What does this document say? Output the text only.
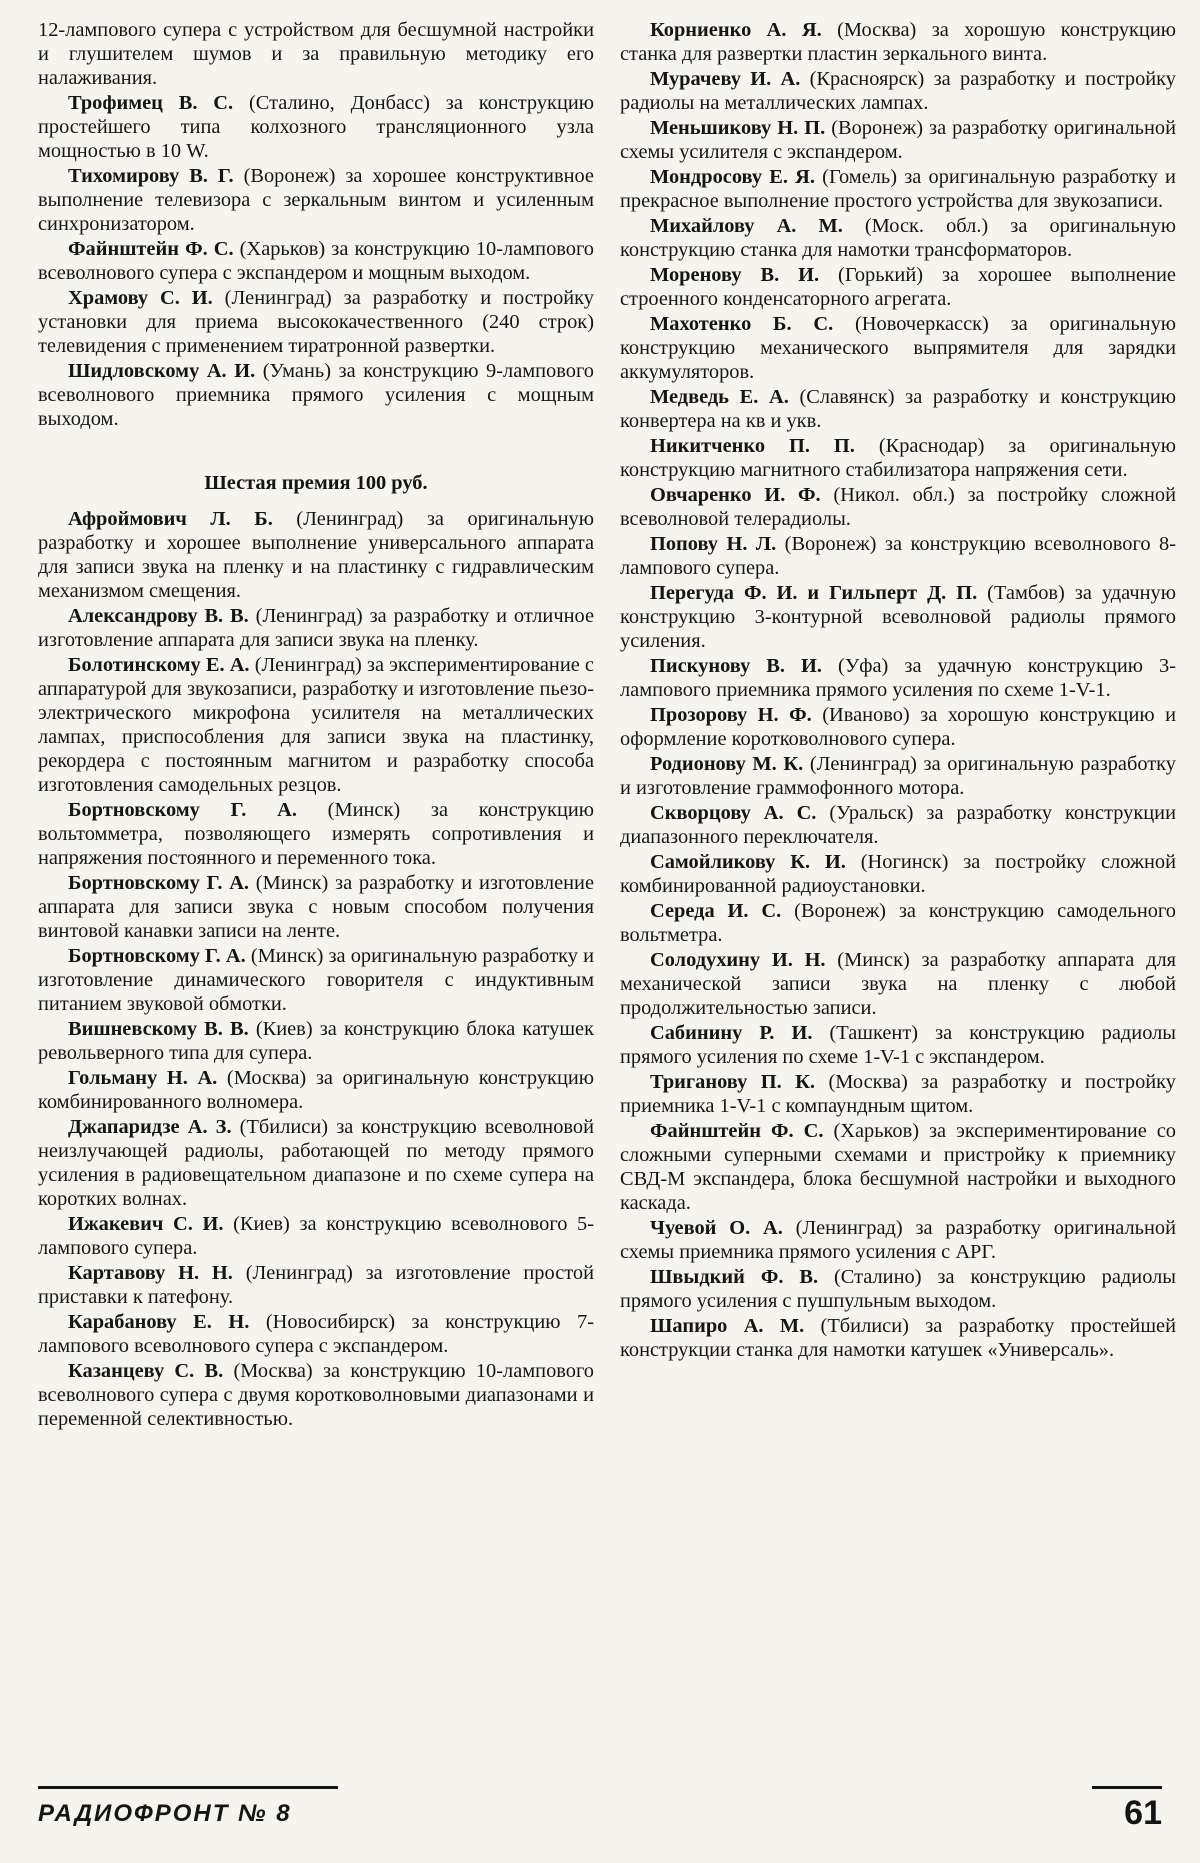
12-лампового супера с устройством для бесшумной настройки и глушителем шумов и за правильную методику его налаживания.

Трофимец В. С. (Сталино, Донбасс) за конструкцию простейшего типа колхозного трансляционного узла мощностью в 10 W.

Тихомирову В. Г. (Воронеж) за хорошее конструктивное выполнение телевизора с зеркальным винтом и усиленным синхронизатором.

Файнштейн Ф. С. (Харьков) за конструкцию 10-лампового всеволнового супера с экспандером и мощным выходом.

Храмову С. И. (Ленинград) за разработку и постройку установки для приема высококачественного (240 строк) телевидения с применением тиратронной развертки.

Шидловскому А. И. (Умань) за конструкцию 9-лампового всеволнового приемника прямого усиления с мощным выходом.

Шестая премия 100 руб.

Афроймович Л. Б. (Ленинград) за оригинальную разработку и хорошее выполнение универсального аппарата для записи звука на пленку и на пластинку с гидравлическим механизмом смещения.

Александрову В. В. (Ленинград) за разработку и отличное изготовление аппарата для записи звука на пленку.

Болотинскому Е. А. (Ленинград) за экспериментирование с аппаратурой для звукозаписи, разработку и изготовление пьезо-электрического микрофона усилителя на металлических лампах, приспособления для записи звука на пластинку, рекордера с постоянным магнитом и разработку способа изготовления самодельных резцов.

Бортновскому Г. А. (Минск) за конструкцию вольтомметра, позволяющего измерять сопротивления и напряжения постоянного и переменного тока.

Бортновскому Г. А. (Минск) за разработку и изготовление аппарата для записи звука с новым способом получения винтовой канавки записи на ленте.

Бортновскому Г. А. (Минск) за оригинальную разработку и изготовление динамического говорителя с индуктивным питанием звуковой обмотки.

Вишневскому В. В. (Киев) за конструкцию блока катушек револьверного типа для супера.

Гольману Н. А. (Москва) за оригинальную конструкцию комбинированного волномера.

Джапаридзе А. З. (Тбилиси) за конструкцию всеволновой неизлучающей радиолы, работающей по методу прямого усиления в радиовещательном диапазоне и по схеме супера на коротких волнах.

Ижакевич С. И. (Киев) за конструкцию всеволнового 5-лампового супера.

Картавову Н. Н. (Ленинград) за изготовление простой приставки к патефону.

Карабанову Е. Н. (Новосибирск) за конструкцию 7-лампового всеволнового супера с экспандером.

Казанцеву С. В. (Москва) за конструкцию 10-лампового всеволнового супера с двумя коротковолновыми диапазонами и переменной селективностью.

Корниенко А. Я. (Москва) за хорошую конструкцию станка для развертки пластин зеркального винта.

Мурачеву И. А. (Красноярск) за разработку и постройку радиолы на металлических лампах.

Меньшикову Н. П. (Воронеж) за разработку оригинальной схемы усилителя с экспандером.

Мондросову Е. Я. (Гомель) за оригинальную разработку и прекрасное выполнение простого устройства для звукозаписи.

Михайлову А. М. (Моск. обл.) за оригинальную конструкцию станка для намотки трансформаторов.

Моренову В. И. (Горький) за хорошее выполнение строенного конденсаторного агрегата.

Махотенко Б. С. (Новочеркасск) за оригинальную конструкцию механического выпрямителя для зарядки аккумуляторов.

Медведь Е. А. (Славянск) за разработку и конструкцию конвертера на кв и укв.

Никитченко П. П. (Краснодар) за оригинальную конструкцию магнитного стабилизатора напряжения сети.

Овчаренко И. Ф. (Никол. обл.) за постройку сложной всеволновой телерадиолы.

Попову Н. Л. (Воронеж) за конструкцию всеволнового 8-лампового супера.

Перегуда Ф. И. и Гильперт Д. П. (Тамбов) за удачную конструкцию 3-контурной всеволновой радиолы прямого усиления.

Пискунову В. И. (Уфа) за удачную конструкцию 3-лампового приемника прямого усиления по схеме 1-V-1.

Прозорову Н. Ф. (Иваново) за хорошую конструкцию и оформление коротковолнового супера.

Родионову М. К. (Ленинград) за оригинальную разработку и изготовление граммофонного мотора.

Скворцову А. С. (Уральск) за разработку конструкции диапазонного переключателя.

Самойликову К. И. (Ногинск) за постройку сложной комбинированной радиоустановки.

Середа И. С. (Воронеж) за конструкцию самодельного вольтметра.

Солодухину И. Н. (Минск) за разработку аппарата для механической записи звука на пленку с любой продолжительностью записи.

Сабинину Р. И. (Ташкент) за конструкцию радиолы прямого усиления по схеме 1-V-1 с экспандером.

Триганову П. К. (Москва) за разработку и постройку приемника 1-V-1 с компаундным щитом.

Файнштейн Ф. С. (Харьков) за экспериментирование со сложными суперными схемами и пристройку к приемнику СВД-М экспандера, блока бесшумной настройки и выходного каскада.

Чуевой О. А. (Ленинград) за разработку оригинальной схемы приемника прямого усиления с АРГ.

Швыдкий Ф. В. (Сталино) за конструкцию радиолы прямого усиления с пушпульным выходом.

Шапиро А. М. (Тбилиси) за разработку простейшей конструкции станка для намотки катушек «Универсаль».

РАДИОФРОНТ № 8	61
